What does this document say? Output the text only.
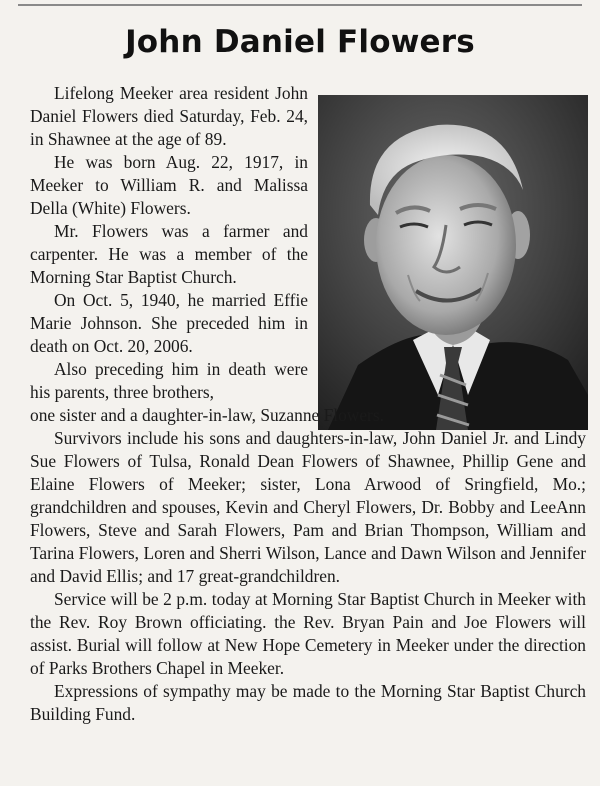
John Daniel Flowers

Lifelong Meeker area resident John Daniel Flowers died Saturday, Feb. 24, in Shawnee at the age of 89.

He was born Aug. 22, 1917, in Meeker to William R. and Malissa Della (White) Flowers.

Mr. Flowers was a farmer and carpenter. He was a member of the Morning Star Baptist Church.

On Oct. 5, 1940, he married Effie Marie Johnson. She preceded him in death on Oct. 20, 2006.

Also preceding him in death were his parents, three brothers,

one sister and a daughter-in-law, Suzanne Flowers.

Survivors include his sons and daughters-in-law, John Daniel Jr. and Lindy Sue Flowers of Tulsa, Ronald Dean Flowers of Shawnee, Phillip Gene and Elaine Flowers of Meeker; sister, Lona Arwood of Sringfield, Mo.; grandchildren and spouses, Kevin and Cheryl Flowers, Dr. Bobby and LeeAnn Flowers, Steve and Sarah Flowers, Pam and Brian Thompson, William and Tarina Flowers, Loren and Sherri Wilson, Lance and Dawn Wilson and Jennifer and David Ellis; and 17 great-grandchildren.

Service will be 2 p.m. today at Morning Star Baptist Church in Meeker with the Rev. Roy Brown officiating. the Rev. Bryan Pain and Joe Flowers will assist. Burial will follow at New Hope Cemetery in Meeker under the direction of Parks Brothers Chapel in Meeker.

Expressions of sympathy may be made to the Morning Star Baptist Church Building Fund.
